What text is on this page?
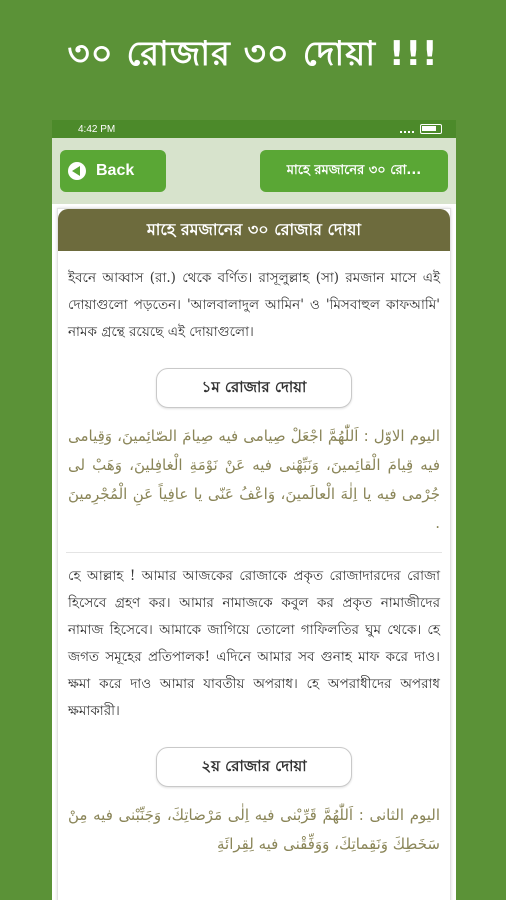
৩০ রোজার ৩০ দোয়া !!!
4:42 PM
Back	মাহে রমজানের ৩০ রো...
মাহে রমজানের ৩০ রোজার দোয়া

ইবনে আব্বাস (রা.) থেকে বর্ণিত। রাসূলুল্লাহ (সা) রমজান মাসে এই দোয়াগুলো পড়তেন। 'আলবালাদুল আমিন' ও 'মিসবাহুল কাফআমি' নামক গ্রন্থে রয়েছে এই দোয়াগুলো।

১ম রোজার দোয়া

اليوم الاوّل : اَللّٰهُمَّ اجْعَلْ صِيامى فيه صِيامَ الصّائِمينَ، وَقِيامى فيه قِيامَ الْقائِمينَ، وَنَبِّهْنى فيه عَنْ نَوْمَةِ الْغافِلينَ، وَهَبْ لى جُرْمى فيه يا اِلٰهَ الْعالَمينَ، وَاعْفُ عَنّى يا عافِياً عَنِ الْمُجْرِمينَ .

হে আল্লাহ ! আমার আজকের রোজাকে প্রকৃত রোজাদারদের রোজা হিসেবে গ্রহণ কর। আমার নামাজকে কবুল কর প্রকৃত নামাজীদের নামাজ হিসেবে। আমাকে জাগিয়ে তোলো গাফিলতির ঘুম থেকে। হে জগত সমূহের প্রতিপালক! এদিনে আমার সব গুনাহ মাফ করে দাও। ক্ষমা করে দাও আমার যাবতীয় অপরাধ। হে অপরাধীদের অপরাধ ক্ষমাকারী।

২য় রোজার দোয়া

اليوم الثانى : اَللّٰهُمَّ قَرِّبْنى فيه اِلٰى مَرْضاتِكَ، وَجَنِّبْنى فيه مِنْ سَخَطِكَ وَنَقِماتِكَ، وَوَفِّقْنى فيه لِقِرائَةِ
